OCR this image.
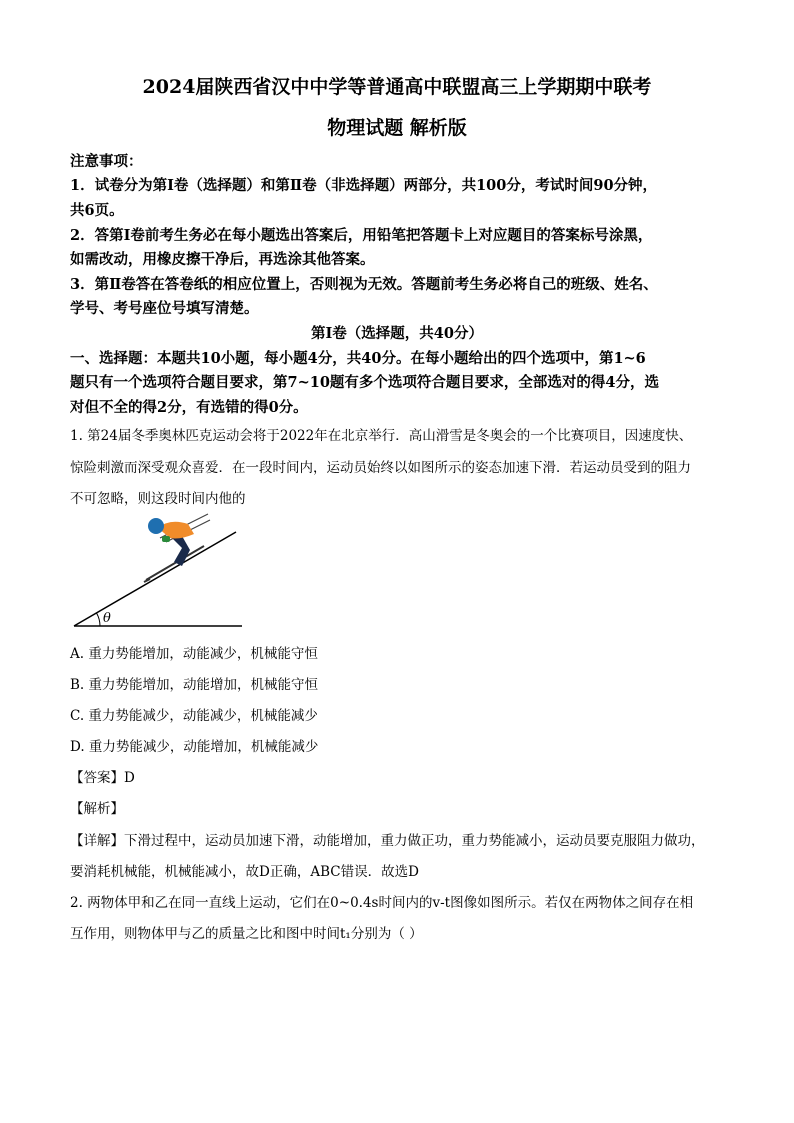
2024届陕西省汉中中学等普通高中联盟高三上学期期中联考
物理试题 解析版
注意事项：
1．试卷分为第Ⅰ卷（选择题）和第Ⅱ卷（非选择题）两部分，共100分，考试时间90分钟，
共6页。
2．答第Ⅰ卷前考生务必在每小题选出答案后，用铅笔把答题卡上对应题目的答案标号涂黑，
如需改动，用橡皮擦干净后，再选涂其他答案。
3．第Ⅱ卷答在答卷纸的相应位置上，否则视为无效。答题前考生务必将自己的班级、姓名、
学号、考号座位号填写清楚。
第Ⅰ卷（选择题，共40分）
一、选择题：本题共10小题，每小题4分，共40分。在每小题给出的四个选项中，第1~6
题只有一个选项符合题目要求，第7~10题有多个选项符合题目要求，全部选对的得4分，选
对但不全的得2分，有选错的得0分。
1. 第24届冬季奥林匹克运动会将于2022年在北京举行．高山滑雪是冬奥会的一个比赛项目，因速度快、
惊险刺激而深受观众喜爱．在一段时间内，运动员始终以如图所示的姿态加速下滑．若运动员受到的阻力
不可忽略，则这段时间内他的
θ
A. 重力势能增加，动能减少，机械能守恒
B. 重力势能增加，动能增加，机械能守恒
C. 重力势能减少，动能减少，机械能减少
D. 重力势能减少，动能增加，机械能减少
【答案】D
【解析】
【详解】下滑过程中，运动员加速下滑，动能增加，重力做正功，重力势能减小，运动员要克服阻力做功，
要消耗机械能，机械能减小，故D正确，ABC错误．故选D
2. 两物体甲和乙在同一直线上运动，它们在0~0.4s时间内的v-t图像如图所示。若仅在两物体之间存在相
互作用，则物体甲与乙的质量之比和图中时间t₁分别为（ ）
